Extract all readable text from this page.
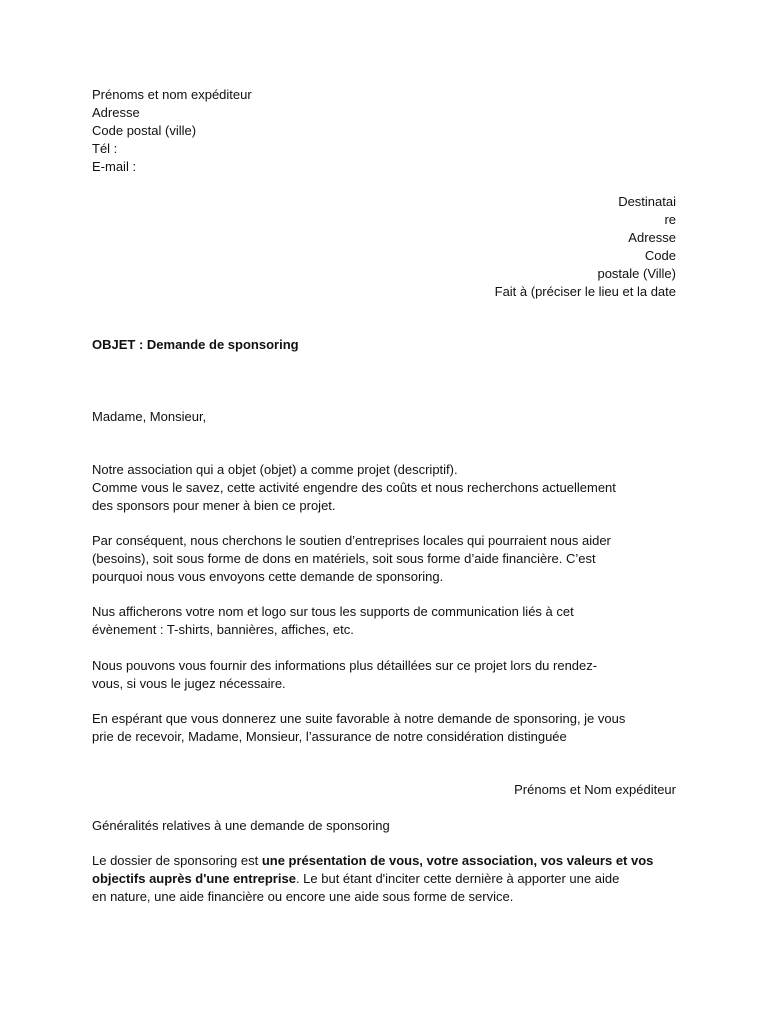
Prénoms et nom expéditeur
Adresse
Code postal (ville)
Tél :
E-mail :
Destinatai
re
Adresse
Code
postale (Ville)
Fait à (préciser le lieu et la date
OBJET : Demande de sponsoring
Madame, Monsieur,
Notre association qui a objet (objet) a comme projet (descriptif).
Comme vous le savez, cette activité engendre des coûts et nous recherchons actuellement
des sponsors pour mener à bien ce projet.
Par conséquent, nous cherchons le soutien d’entreprises locales qui pourraient nous aider
(besoins), soit sous forme de dons en matériels, soit sous forme d’aide financière. C’est
pourquoi nous vous envoyons cette demande de sponsoring.
Nus afficherons votre nom et logo sur tous les supports de communication liés à cet
évènement : T-shirts, bannières, affiches, etc.
Nous pouvons vous fournir des informations plus détaillées sur ce projet lors du rendez-
vous, si vous le jugez nécessaire.
En espérant que vous donnerez une suite favorable à notre demande de sponsoring, je vous
prie de recevoir, Madame, Monsieur, l’assurance de notre considération distinguée
Prénoms et Nom expéditeur
Généralités relatives à une demande de sponsoring
Le dossier de sponsoring est une présentation de vous, votre association, vos valeurs et vos
objectifs auprès d'une entreprise. Le but étant d'inciter cette dernière à apporter une aide
en nature, une aide financière ou encore une aide sous forme de service.
